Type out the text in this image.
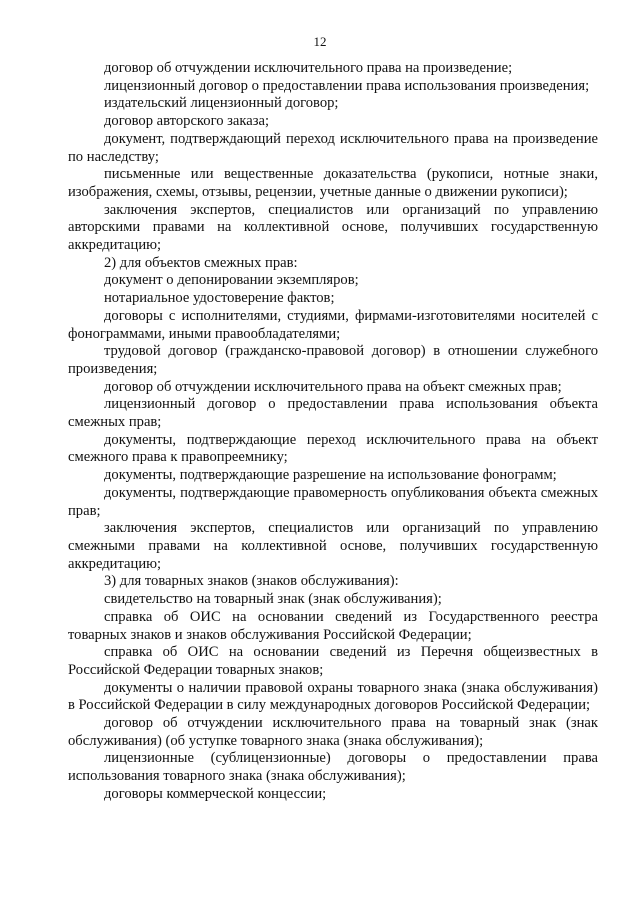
12

договор об отчуждении исключительного права на произведение;

лицензионный договор о предоставлении права использования произведения;

издательский лицензионный договор;

договор авторского заказа;

документ, подтверждающий переход исключительного права на произведение по наследству;

письменные или вещественные доказательства (рукописи, нотные знаки, изображения, схемы, отзывы, рецензии, учетные данные о движении рукописи);

заключения экспертов, специалистов или организаций по управлению авторскими правами на коллективной основе, получивших государственную аккредитацию;

2) для объектов смежных прав:

документ о депонировании экземпляров;

нотариальное удостоверение фактов;

договоры с исполнителями, студиями, фирмами-изготовителями носителей с фонограммами, иными правообладателями;

трудовой договор (гражданско-правовой договор) в отношении служебного произведения;

договор об отчуждении исключительного права на объект смежных прав;

лицензионный договор о предоставлении права использования объекта смежных прав;

документы, подтверждающие переход исключительного права на объект смежного права к правопреемнику;

документы, подтверждающие разрешение на использование фонограмм;

документы, подтверждающие правомерность опубликования объекта смежных прав;

заключения экспертов, специалистов или организаций по управлению смежными правами на коллективной основе, получивших государственную аккредитацию;

3) для товарных знаков (знаков обслуживания):

свидетельство на товарный знак (знак обслуживания);

справка об ОИС на основании сведений из Государственного реестра товарных знаков и знаков обслуживания Российской Федерации;

справка об ОИС на основании сведений из Перечня общеизвестных в Российской Федерации товарных знаков;

документы о наличии правовой охраны товарного знака (знака обслуживания) в Российской Федерации в силу международных договоров Российской Федерации;

договор об отчуждении исключительного права на товарный знак (знак обслуживания) (об уступке товарного знака (знака обслуживания);

лицензионные (сублицензионные) договоры о предоставлении права использования товарного знака (знака обслуживания);

договоры коммерческой концессии;
